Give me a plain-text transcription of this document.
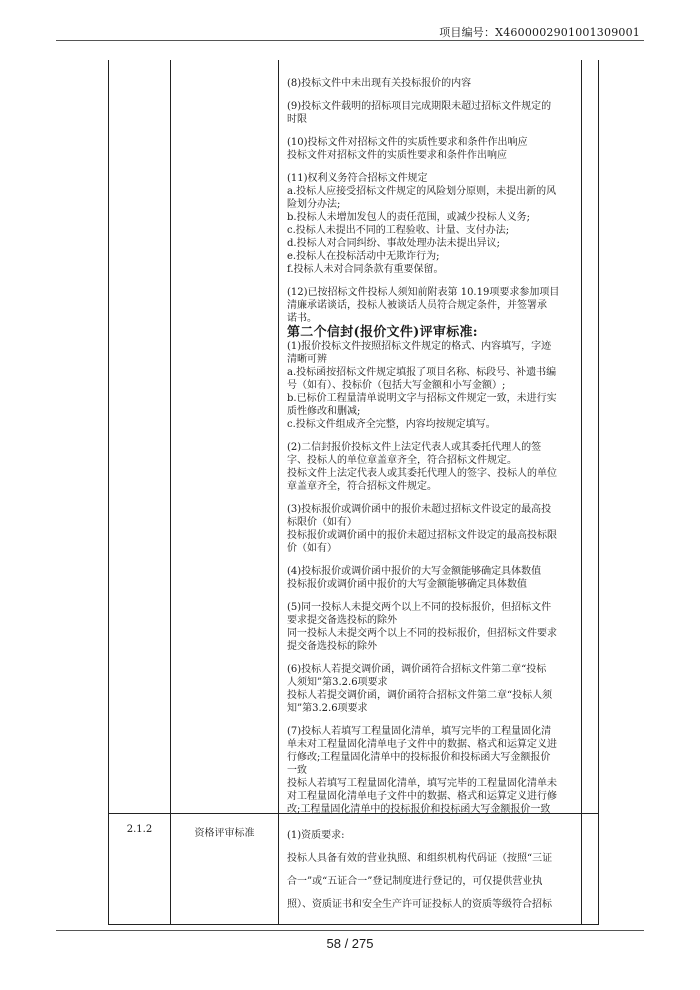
项目编号：X4600002901001309001
(8)投标文件中未出现有关投标报价的内容
(9)投标文件载明的招标项目完成期限未超过招标文件规定的
时限
(10)投标文件对招标文件的实质性要求和条件作出响应
投标文件对招标文件的实质性要求和条件作出响应
(11)权利义务符合招标文件规定
a.投标人应接受招标文件规定的风险划分原则，未提出新的风
险划分办法;
b.投标人未增加发包人的责任范围，或减少投标人义务;
c.投标人未提出不同的工程验收、计量、支付办法;
d.投标人对合同纠纷、事故处理办法未提出异议;
e.投标人在投标活动中无欺诈行为;
f.投标人未对合同条款有重要保留。
(12)已按招标文件投标人须知前附表第 10.19项要求参加项目
清廉承诺谈话，投标人被谈话人员符合规定条件，并签署承
诺书。
第二个信封(报价文件)评审标准:
(1)报价投标文件按照招标文件规定的格式、内容填写，字迹
清晰可辨
a.投标函按招标文件规定填报了项目名称、标段号、补遗书编
号（如有）、投标价（包括大写金额和小写金额）;
b.已标价工程量清单说明文字与招标文件规定一致，未进行实
质性修改和删减;
c.投标文件组成齐全完整，内容均按规定填写。
(2)二信封报价投标文件上法定代表人或其委托代理人的签
字、投标人的单位章盖章齐全，符合招标文件规定。
投标文件上法定代表人或其委托代理人的签字、投标人的单位
章盖章齐全，符合招标文件规定。
(3)投标报价或调价函中的报价未超过招标文件设定的最高投
标限价（如有）
投标报价或调价函中的报价未超过招标文件设定的最高投标限
价（如有）
(4)投标报价或调价函中报价的大写金额能够确定具体数值
投标报价或调价函中报价的大写金额能够确定具体数值
(5)同一投标人未提交两个以上不同的投标报价，但招标文件
要求提交备选投标的除外
同一投标人未提交两个以上不同的投标报价，但招标文件要求
提交备选投标的除外
(6)投标人若提交调价函，调价函符合招标文件第二章“投标
人须知”第3.2.6项要求
投标人若提交调价函，调价函符合招标文件第二章“投标人须
知”第3.2.6项要求
(7)投标人若填写工程量固化清单，填写完毕的工程量固化清
单未对工程量固化清单电子文件中的数据、格式和运算定义进
行修改;工程量固化清单中的投标报价和投标函大写金额报价
一致
投标人若填写工程量固化清单，填写完毕的工程量固化清单未
对工程量固化清单电子文件中的数据、格式和运算定义进行修
改;工程量固化清单中的投标报价和投标函大写金额报价一致
2.1.2	资格评审标准	(1)资质要求:
投标人具备有效的营业执照、和组织机构代码证（按照“三证
合一”或“五证合一”登记制度进行登记的，可仅提供营业执
照）、资质证书和安全生产许可证投标人的资质等级符合招标
58 / 275
